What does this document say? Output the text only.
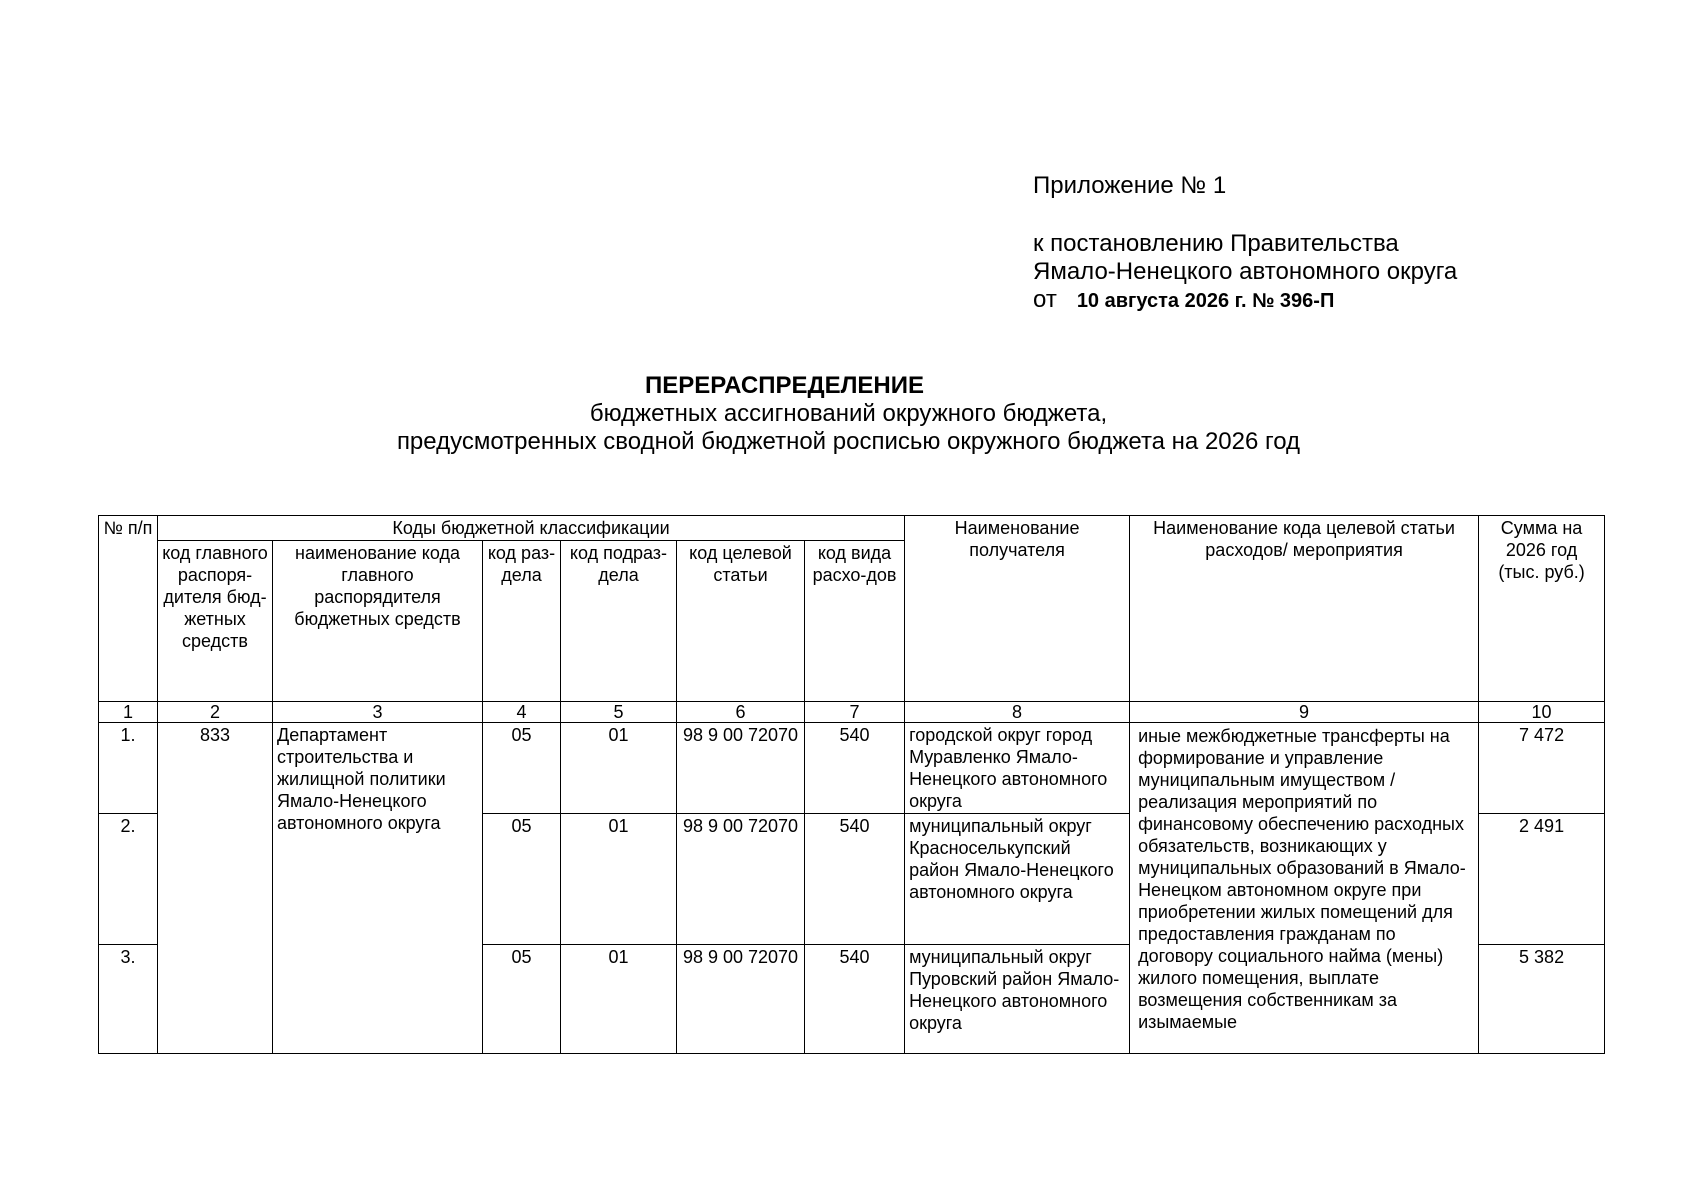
Приложение № 1
к постановлению Правительства
Ямало-Ненецкого автономного округа
от 10 августа 2026 г. № 396-П
ПЕРЕРАСПРЕДЕЛЕНИЕ
бюджетных ассигнований окружного бюджета,
предусмотренных сводной бюджетной росписью окружного бюджета на 2026 год
№ п/п	Коды бюджетной классификации						Наименование получателя	Наименование кода целевой статьи расходов/ мероприятия	Сумма на 2026 год (тыс. руб.)
	код главного распоря-дителя бюд-жетных средств	наименование кода главного распорядителя бюджетных средств	код раз-дела	код подраз-дела	код целевой статьи	код вида расхо-дов			
1	2	3	4	5	6	7	8	9	10
1.	833	Департамент строительства и жилищной политики Ямало-Ненецкого автономного округа	05	01	98 9 00 72070	540	городской округ город Муравленко Ямало-Ненецкого автономного округа	иные межбюджетные трансферты на формирование и управление муниципальным имуществом / реализация мероприятий по финансовому обеспечению расходных обязательств, возникающих у муниципальных образований в Ямало-Ненецком автономном округе при приобретении жилых помещений для предоставления гражданам по договору социального найма (мены) жилого помещения, выплате возмещения собственникам за изымаемые	7 472
2.			05	01	98 9 00 72070	540	муниципальный округ Красноселькупский район Ямало-Ненецкого автономного округа		2 491
3.			05	01	98 9 00 72070	540	муниципальный округ Пуровский район Ямало-Ненецкого автономного округа		5 382
